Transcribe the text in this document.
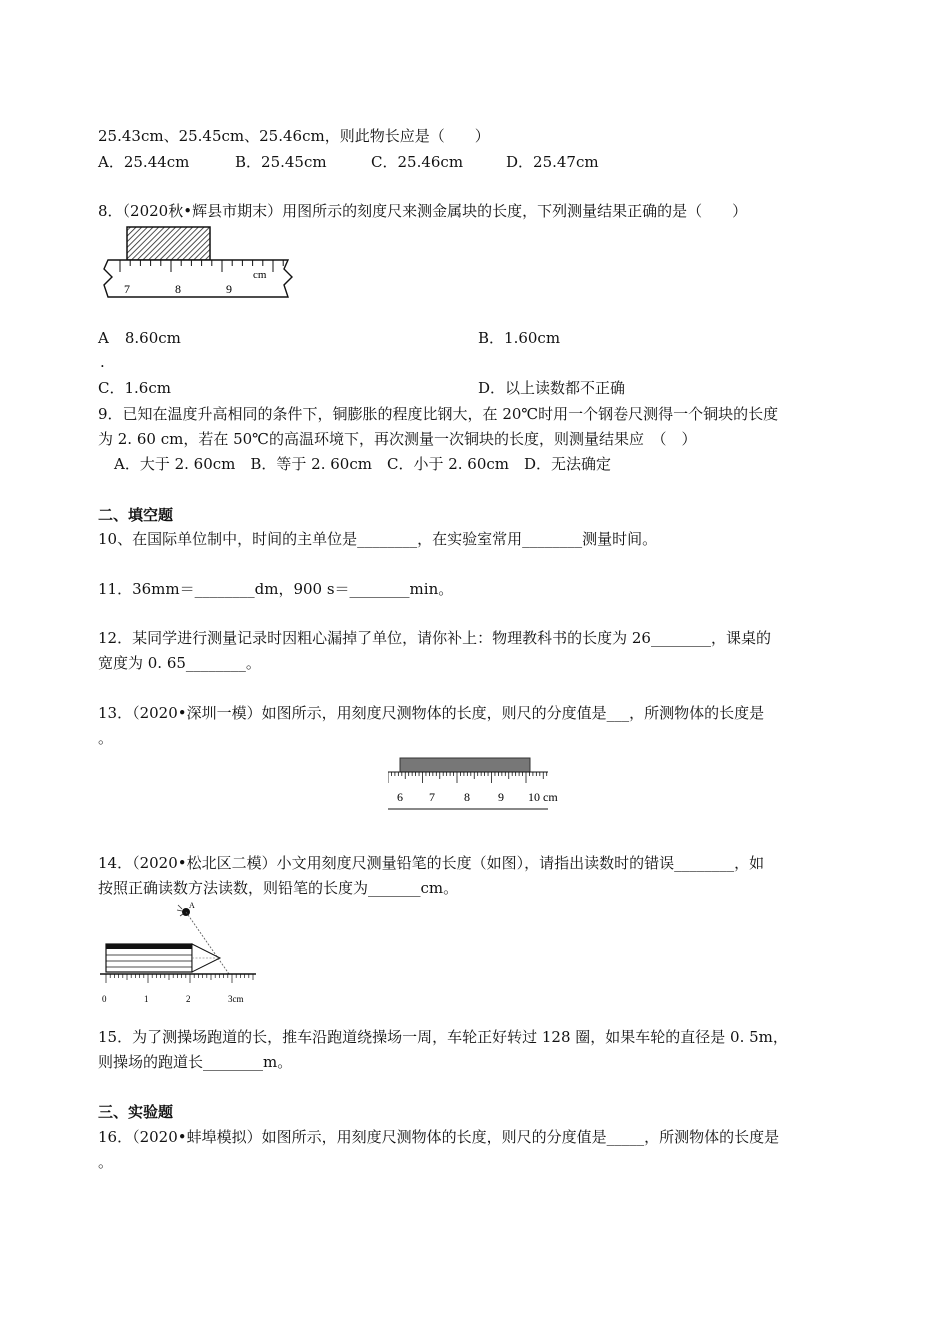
25.43cm、25.45cm、25.46cm，则此物长应是（　　）
A．25.44cm	B．25.45cm	C．25.46cm	D．25.47cm
8．（2020秋•辉县市期末）用图所示的刻度尺来测金属块的长度，下列测量结果正确的是（　　）
cm
7	8	9
A 8.60cm	B．1.60cm
.
C．1.6cm	D．以上读数都不正确
9．已知在温度升高相同的条件下，铜膨胀的程度比钢大，在 20℃时用一个钢卷尺测得一个铜块的长度
为 2. 60 cm，若在 50℃的高温环境下，再次测量一次铜块的长度，则测量结果应　（　）
A．大于 2. 60cm　B．等于 2. 60cm　C．小于 2. 60cm　D．无法确定
二、填空题
10、在国际单位制中，时间的主单位是________，在实验室常用________测量时间。
11．36mm＝________dm，900 s＝________min。
12．某同学进行测量记录时因粗心漏掉了单位，请你补上：物理教科书的长度为 26________，课桌的
宽度为 0. 65________。
13．（2020•深圳一模）如图所示，用刻度尺测物体的长度，则尺的分度值是___，所测物体的长度是
。
6 7 8 9 10 cm
14．（2020•松北区二模）小文用刻度尺测量铅笔的长度（如图），请指出读数时的错误________，如
按照正确读数方法读数，则铅笔的长度为_______cm。
A
0	1	2	3cm
15．为了测操场跑道的长，推车沿跑道绕操场一周，车轮正好转过 128 圈，如果车轮的直径是 0. 5m，
则操场的跑道长________m。
三、实验题
16．（2020•蚌埠模拟）如图所示，用刻度尺测物体的长度，则尺的分度值是_____，所测物体的长度是
。
